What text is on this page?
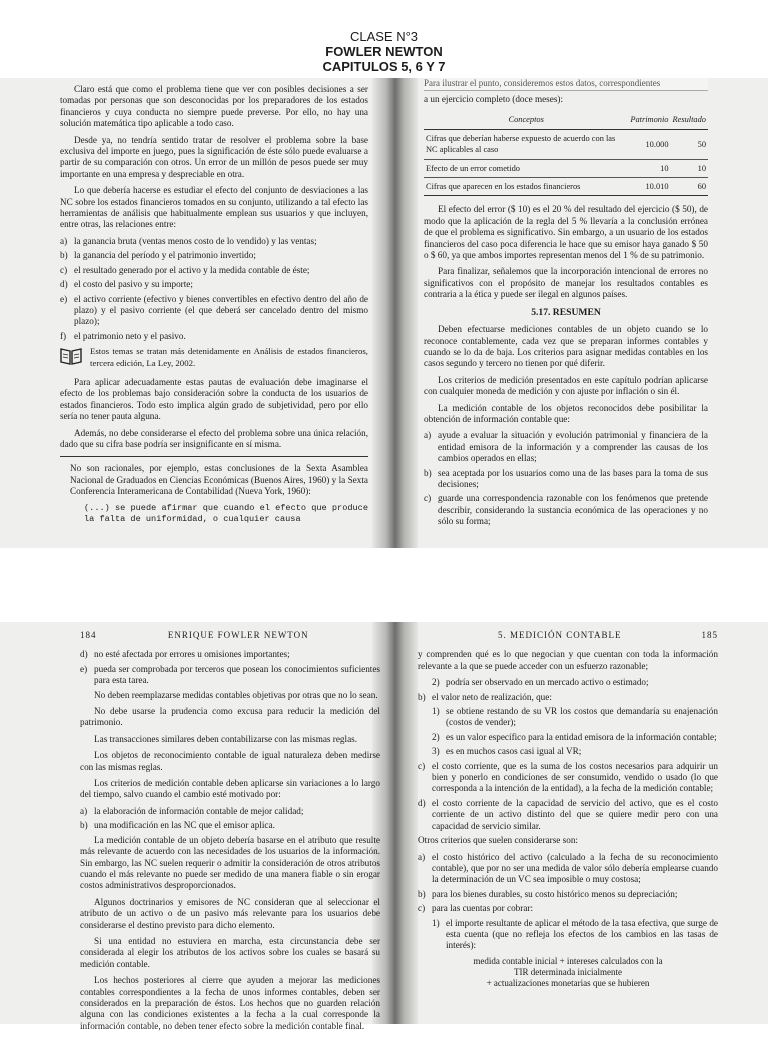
CLASE N°3
FOWLER NEWTON
CAPITULOS 5, 6 Y 7

Claro está que como el problema tiene que ver con posibles decisiones a ser tomadas por personas que son desconocidas por los preparadores de los estados financieros y cuya conducta no siempre puede preverse. Por ello, no hay una solución matemática tipo aplicable a todo caso.

Desde ya, no tendría sentido tratar de resolver el problema sobre la base exclusiva del importe en juego, pues la significación de éste sólo puede evaluarse a partir de su comparación con otros. Un error de un millón de pesos puede ser muy importante en una empresa y despreciable en otra.

Lo que debería hacerse es estudiar el efecto del conjunto de desviaciones a las NC sobre los estados financieros tomados en su conjunto, utilizando a tal efecto las herramientas de análisis que habitualmente emplean sus usuarios y que incluyen, entre otras, las relaciones entre:

a) la ganancia bruta (ventas menos costo de lo vendido) y las ventas;
b) la ganancia del período y el patrimonio invertido;
c) el resultado generado por el activo y la medida contable de éste;
d) el costo del pasivo y su importe;
e) el activo corriente (efectivo y bienes convertibles en efectivo dentro del año de plazo) y el pasivo corriente (el que deberá ser cancelado dentro del mismo plazo);
f) el patrimonio neto y el pasivo.
Estos temas se tratan más detenidamente en Análisis de estados financieros, tercera edición, La Ley, 2002.

Para aplicar adecuadamente estas pautas de evaluación debe imaginarse el efecto de los problemas bajo consideración sobre la conducta de los usuarios de estados financieros. Todo esto implica algún grado de subjetividad, pero por ello sería no tener pauta alguna.

Además, no debe considerarse el efecto del problema sobre una única relación, dado que su cifra base podría ser insignificante en sí misma.

No son racionales, por ejemplo, estas conclusiones de la Sexta Asamblea Nacional de Graduados en Ciencias Económicas (Buenos Aires, 1960) y la Sexta Conferencia Interamericana de Contabilidad (Nueva York, 1960):

(...) se puede afirmar que cuando el efecto que produce la falta de uniformidad, o cualquier causa
Para ilustrar el punto, consideremos estos datos, correspondientes

a un ejercicio completo (doce meses):

Conceptos	Patrimonio	Resultado
Cifras que deberían haberse expuesto de acuerdo con las NC aplicables al caso	10.000	50
Efecto de un error cometido	10	10
Cifras que aparecen en los estados financieros	10.010	60

El efecto del error ($ 10) es el 20 % del resultado del ejercicio ($ 50), de modo que la aplicación de la regla del 5 % llevaría a la conclusión errónea de que el problema es significativo. Sin embargo, a un usuario de los estados financieros del caso poca diferencia le hace que su emisor haya ganado $ 50 o $ 60, ya que ambos importes representan menos del 1 % de su patrimonio.

Para finalizar, señalemos que la incorporación intencional de errores no significativos con el propósito de manejar los resultados contables es contraria a la ética y puede ser ilegal en algunos países.

5.17. RESUMEN

Deben efectuarse mediciones contables de un objeto cuando se lo reconoce contablemente, cada vez que se preparan informes contables y cuando se lo da de baja. Los criterios para asignar medidas contables en los casos segundo y tercero no tienen por qué diferir.

Los criterios de medición presentados en este capítulo podrían aplicarse con cualquier moneda de medición y con ajuste por inflación o sin él.

La medición contable de los objetos reconocidos debe posibilitar la obtención de información contable que:

a) ayude a evaluar la situación y evolución patrimonial y financiera de la entidad emisora de la información y a comprender las causas de los cambios operados en ellas;
b) sea aceptada por los usuarios como una de las bases para la toma de sus decisiones;
c) guarde una correspondencia razonable con los fenómenos que pretende describir, considerando la sustancia económica de las operaciones y no sólo su forma;
184	ENRIQUE FOWLER NEWTON
d) no esté afectada por errores u omisiones importantes;
e) pueda ser comprobada por terceros que posean los conocimientos suficientes para esta tarea.

No deben reemplazarse medidas contables objetivas por otras que no lo sean.

No debe usarse la prudencia como excusa para reducir la medición del patrimonio.

Las transacciones similares deben contabilizarse con las mismas reglas.

Los objetos de reconocimiento contable de igual naturaleza deben medirse con las mismas reglas.

Los criterios de medición contable deben aplicarse sin variaciones a lo largo del tiempo, salvo cuando el cambio esté motivado por:

a) la elaboración de información contable de mejor calidad;
b) una modificación en las NC que el emisor aplica.

La medición contable de un objeto debería basarse en el atributo que resulte más relevante de acuerdo con las necesidades de los usuarios de la información. Sin embargo, las NC suelen requerir o admitir la consideración de otros atributos cuando el más relevante no puede ser medido de una manera fiable o sin erogar costos administrativos desproporcionados.

Algunos doctrinarios y emisores de NC consideran que al seleccionar el atributo de un activo o de un pasivo más relevante para los usuarios debe considerarse el destino previsto para dicho elemento.

Si una entidad no estuviera en marcha, esta circunstancia debe ser considerada al elegir los atributos de los activos sobre los cuales se basará su medición contable.

Los hechos posteriores al cierre que ayuden a mejorar las mediciones contables correspondientes a la fecha de unos informes contables, deben ser considerados en la preparación de éstos. Los hechos que no guarden relación alguna con las condiciones existentes a la fecha a la cual corresponde la información contable, no deben tener efecto sobre la medición contable final.

5. MEDICIÓN CONTABLE	185

y comprenden qué es lo que negocian y que cuentan con toda la información relevante a la que se puede acceder con un esfuerzo razonable;

2) podría ser observado en un mercado activo o estimado;
b) el valor neto de realización, que:
1) se obtiene restando de su VR los costos que demandaría su enajenación (costos de vender);
2) es un valor específico para la entidad emisora de la información contable;
3) es en muchos casos casi igual al VR;
c) el costo corriente, que es la suma de los costos necesarios para adquirir un bien y ponerlo en condiciones de ser consumido, vendido o usado (lo que corresponda a la intención de la entidad), a la fecha de la medición contable;
d) el costo corriente de la capacidad de servicio del activo, que es el costo corriente de un activo distinto del que se quiere medir pero con una capacidad de servicio similar.

Otros criterios que suelen considerarse son:

a) el costo histórico del activo (calculado a la fecha de su reconocimiento contable), que por no ser una medida de valor sólo debería emplearse cuando la determinación de un VC sea imposible o muy costosa;
b) para los bienes durables, su costo histórico menos su depreciación;
c) para las cuentas por cobrar:
1) el importe resultante de aplicar el método de la tasa efectiva, que surge de esta cuenta (que no refleja los efectos de los cambios en las tasas de interés):
medida contable inicial + intereses calculados con la
TIR determinada inicialmente
+ actualizaciones monetarias que se hubieren
